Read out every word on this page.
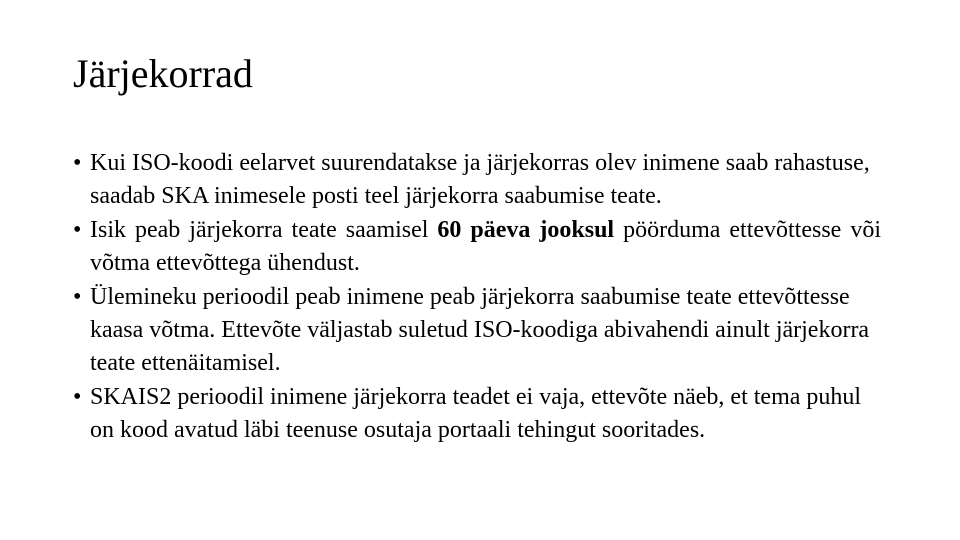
Järjekorrad
• Kui ISO-koodi eelarvet suurendatakse ja järjekorras olev inimene saab rahastuse, saadab SKA inimesele posti teel järjekorra saabumise teate.
• Isik peab järjekorra teate saamisel 60 päeva jooksul pöörduma ettevõttesse või võtma ettevõttega ühendust.
• Ülemineku perioodil peab inimene peab järjekorra saabumise teate ettevõttesse kaasa võtma. Ettevõte väljastab suletud ISO-koodiga abivahendi ainult järjekorra teate ettenäitamisel.
• SKAIS2 perioodil inimene järjekorra teadet ei vaja, ettevõte näeb, et tema puhul on kood avatud läbi teenuse osutaja portaali tehingut sooritades.
